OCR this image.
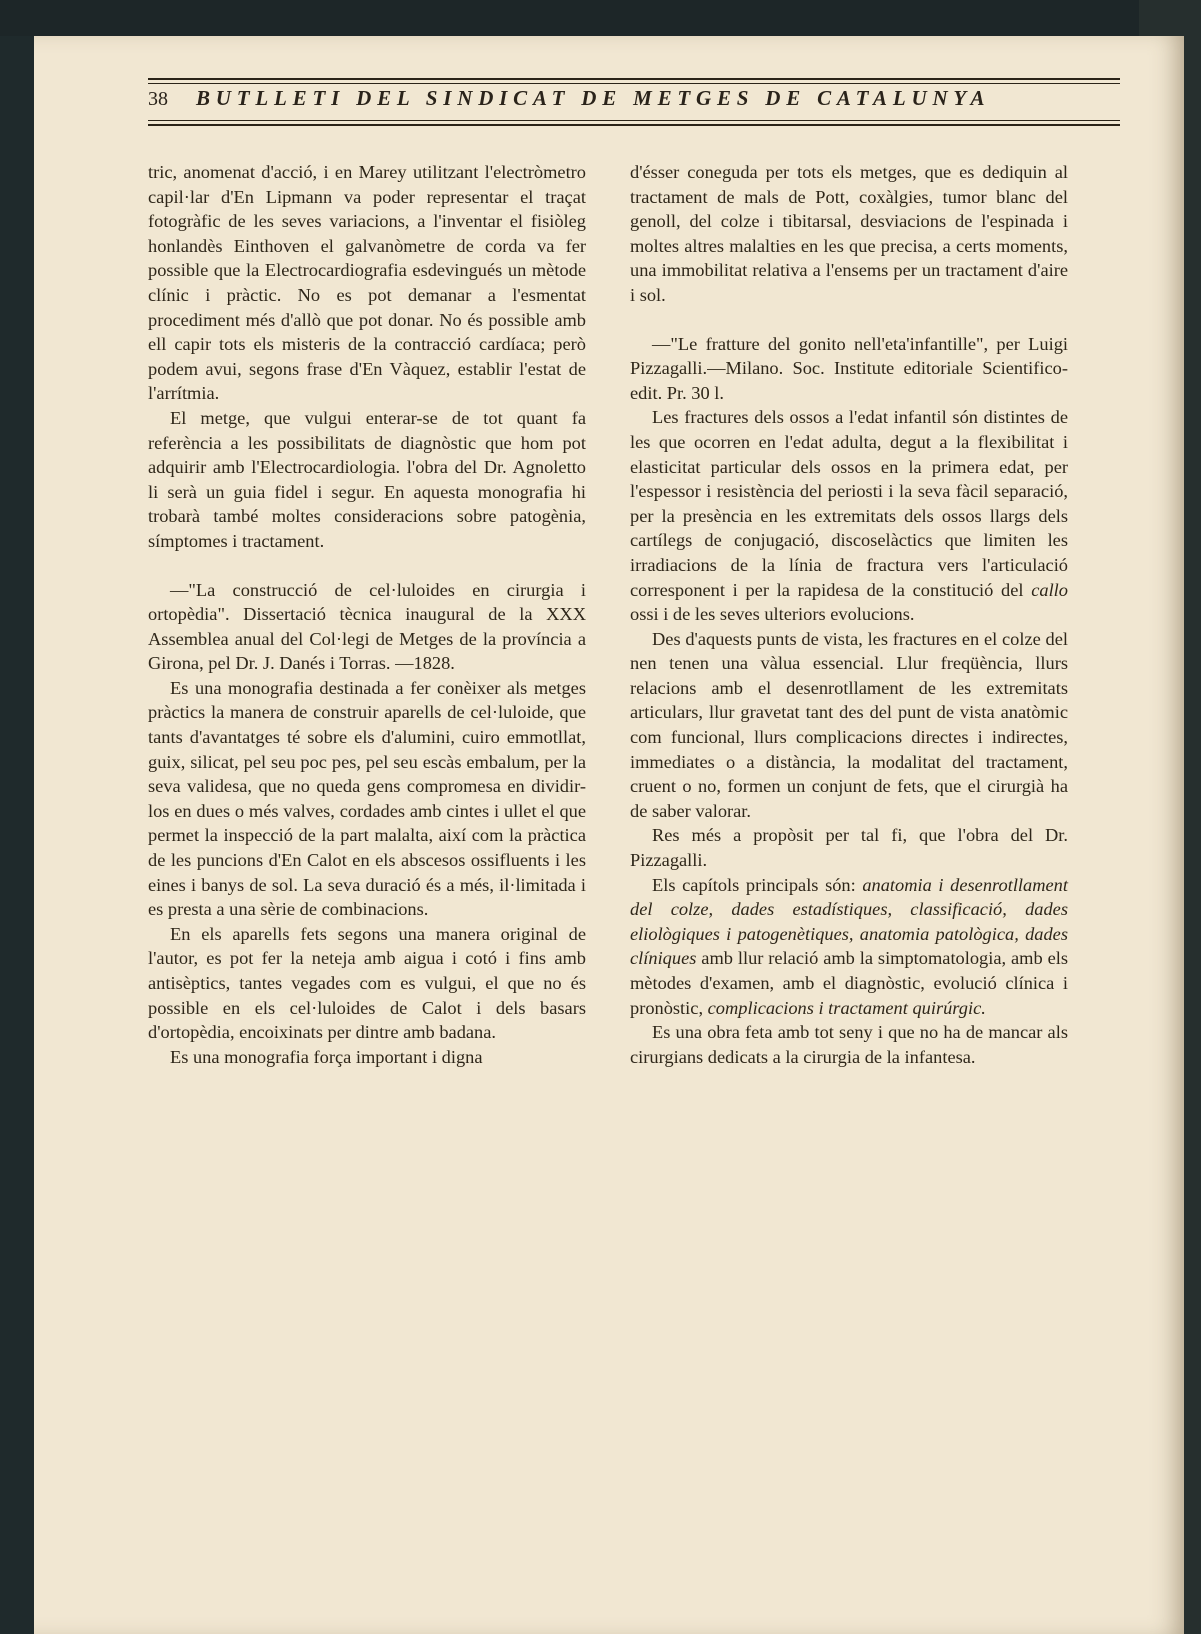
38 BUTLLETI DEL SINDICAT DE METGES DE CATALUNYA

tric, anomenat d'acció, i en Marey utilitzant l'electròmetro capil·lar d'En Lipmann va poder representar el traçat fotogràfic de les seves variacions, a l'inventar el fisiòleg honlandès Einthoven el galvanòmetre de corda va fer possible que la Electrocardiografia esdevingués un mètode clínic i pràctic. No es pot demanar a l'esmentat procediment més d'allò que pot donar. No és possible amb ell capir tots els misteris de la contracció cardíaca; però podem avui, segons frase d'En Vàquez, establir l'estat de l'arrítmia.

El metge, que vulgui enterar-se de tot quant fa referència a les possibilitats de diagnòstic que hom pot adquirir amb l'Electrocardiologia. l'obra del Dr. Agnoletto li serà un guia fidel i segur. En aquesta monografia hi trobarà també moltes consideracions sobre patogènia, símptomes i tractament.

—"La construcció de cel·luloides en cirurgia i ortopèdia". Dissertació tècnica inaugural de la XXX Assemblea anual del Col·legi de Metges de la província a Girona, pel Dr. J. Danés i Torras. —1828.

Es una monografia destinada a fer conèixer als metges pràctics la manera de construir aparells de cel·luloide, que tants d'avantatges té sobre els d'alumini, cuiro emmotllat, guix, silicat, pel seu poc pes, pel seu escàs embalum, per la seva validesa, que no queda gens compromesa en dividir-los en dues o més valves, cordades amb cintes i ullet el que permet la inspecció de la part malalta, així com la pràctica de les puncions d'En Calot en els abscesos ossifluents i les eines i banys de sol. La seva duració és a més, il·limitada i es presta a una sèrie de combinacions.

En els aparells fets segons una manera original de l'autor, es pot fer la neteja amb aigua i cotó i fins amb antisèptics, tantes vegades com es vulgui, el que no és possible en els cel·luloides de Calot i dels basars d'ortopèdia, encoixinats per dintre amb badana.

Es una monografia força important i digna

d'ésser coneguda per tots els metges, que es dediquin al tractament de mals de Pott, coxàlgies, tumor blanc del genoll, del colze i tibitarsal, desviacions de l'espinada i moltes altres malalties en les que precisa, a certs moments, una immobilitat relativa a l'ensems per un tractament d'aire i sol.

—"Le fratture del gonito nell'eta'infantille", per Luigi Pizzagalli.—Milano. Soc. Institute editoriale Scientifico-edit. Pr. 30 l.

Les fractures dels ossos a l'edat infantil són distintes de les que ocorren en l'edat adulta, degut a la flexibilitat i elasticitat particular dels ossos en la primera edat, per l'espessor i resistència del periosti i la seva fàcil separació, per la presència en les extremitats dels ossos llargs dels cartílegs de conjugació, discoselàctics que limiten les irradiacions de la línia de fractura vers l'articulació corresponent i per la rapidesa de la constitució del callo ossi i de les seves ulteriors evolucions.

Des d'aquests punts de vista, les fractures en el colze del nen tenen una vàlua essencial. Llur freqüència, llurs relacions amb el desenrotllament de les extremitats articulars, llur gravetat tant des del punt de vista anatòmic com funcional, llurs complicacions directes i indirectes, immediates o a distància, la modalitat del tractament, cruent o no, formen un conjunt de fets, que el cirurgià ha de saber valorar.

Res més a propòsit per tal fi, que l'obra del Dr. Pizzagalli.

Els capítols principals són: anatomia i desenrotllament del colze, dades estadístiques, classificació, dades eliològiques i patogenètiques, anatomia patològica, dades clíniques amb llur relació amb la simptomatologia, amb els mètodes d'examen, amb el diagnòstic, evolució clínica i pronòstic, complicacions i tractament quirúrgic.

Es una obra feta amb tot seny i que no ha de mancar als cirurgians dedicats a la cirurgia de la infantesa.
